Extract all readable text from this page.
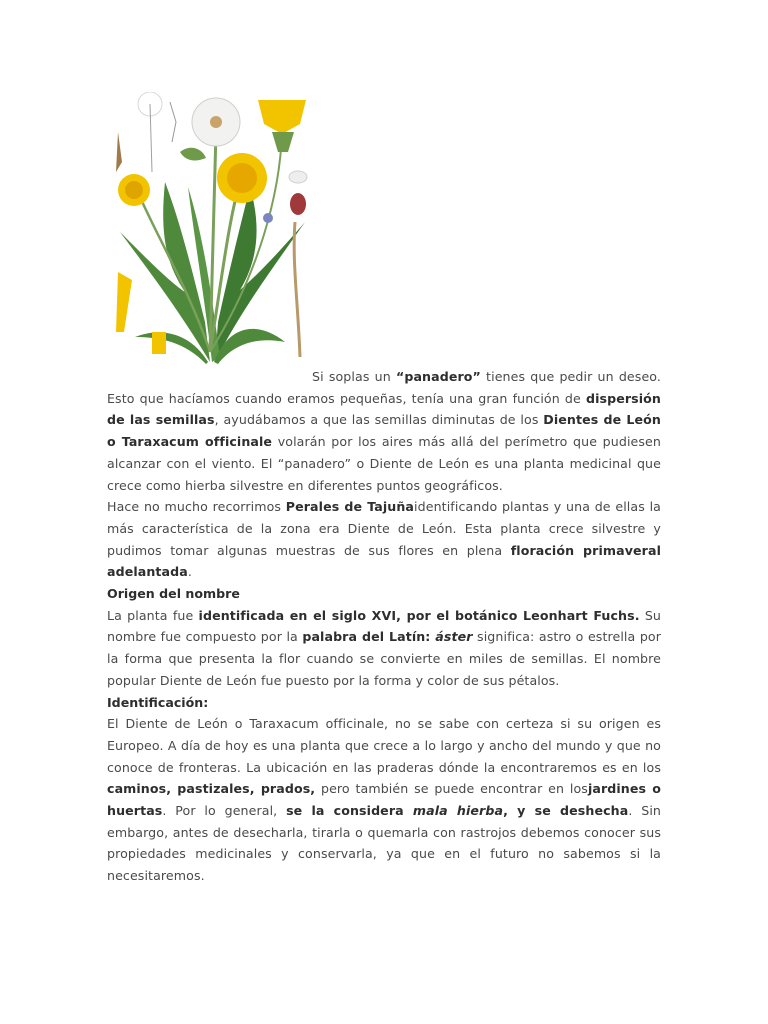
Si soplas un “panadero” tienes que pedir un deseo. Esto que hacíamos cuando eramos pequeñas, tenía una gran función de dispersión de las semillas, ayudábamos a que las semillas diminutas de los Dientes de León o Taraxacum officinale volarán por los aires más allá del perímetro que pudiesen alcanzar con el viento. El “panadero” o Diente de León es una planta medicinal que crece como hierba silvestre en diferentes puntos geográficos.

Hace no mucho recorrimos Perales de Tajuñaidentificando plantas y una de ellas la más característica de la zona era Diente de León. Esta planta crece silvestre y pudimos tomar algunas muestras de sus flores en plena floración primaveral adelantada.

Origen del nombre

La planta fue identificada en el siglo XVI, por el botánico Leonhart Fuchs. Su nombre fue compuesto por la palabra del Latín: áster significa: astro o estrella por la forma que presenta la flor cuando se convierte en miles de semillas. El nombre popular Diente de León fue puesto por la forma y color de sus pétalos.

Identificación:

El Diente de León o Taraxacum officinale, no se sabe con certeza si su origen es Europeo. A día de hoy es una planta que crece a lo largo y ancho del mundo y que no conoce de fronteras. La ubicación en las praderas dónde la encontraremos es en los caminos, pastizales, prados, pero también se puede encontrar en losjardines o huertas. Por lo general, se la considera mala hierba, y se deshecha. Sin embargo, antes de desecharla, tirarla o quemarla con rastrojos debemos conocer sus propiedades medicinales y conservarla, ya que en el futuro no sabemos si la necesitaremos.
